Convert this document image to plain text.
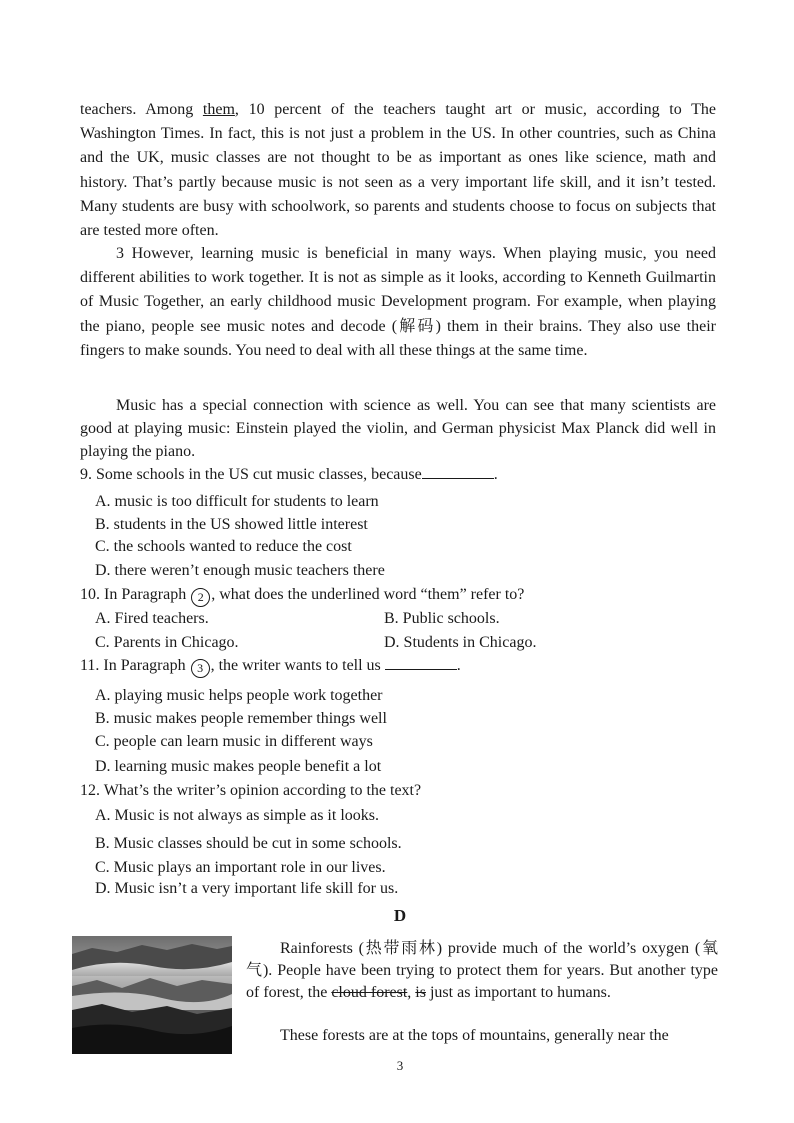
teachers. Among them, 10 percent of the teachers taught art or music, according to The Washington Times. In fact, this is not just a problem in the US. In other countries, such as China and the UK, music classes are not thought to be as important as ones like science, math and history. That’s partly because music is not seen as a very important life skill, and it isn’t tested. Many students are busy with schoolwork, so parents and students choose to focus on subjects that are tested more often.

3 However, learning music is beneficial in many ways. When playing music, you need different abilities to work together. It is not as simple as it looks, according to Kenneth Guilmartin of Music Together, an early childhood music Development program. For example, when playing the piano, people see music notes and decode (解码) them in their brains. They also use their fingers to make sounds. You need to deal with all these things at the same time.

Music has a special connection with science as well. You can see that many scientists are good at playing music: Einstein played the violin, and German physicist Max Planck did well in playing the piano.

9. Some schools in the US cut music classes, because	.

A. music is too difficult for students to learn

B. students in the US showed little interest

C. the schools wanted to reduce the cost

D. there weren’t enough music teachers there

10. In Paragraph 2 , what does the underlined word “them” refer to?

A. Fired teachers.	B. Public schools.

C. Parents in Chicago.	D. Students in Chicago.

11. In Paragraph 3 , the writer wants to tell us	.

A. playing music helps people work together

B. music makes people remember things well

C. people can learn music in different ways

D. learning music makes people benefit a lot

12. What’s the writer’s opinion according to the text?

A. Music is not always as simple as it looks.

B. Music classes should be cut in some schools.

C. Music plays an important role in our lives.

D. Music isn’t a very important life skill for us.

D

Rainforests (热带雨林) provide much of the world’s oxygen (氧气). People have been trying to protect them for years. But another type of forest, the cloud forest, is just as important to humans.

These forests are at the tops of mountains, generally near the

3
